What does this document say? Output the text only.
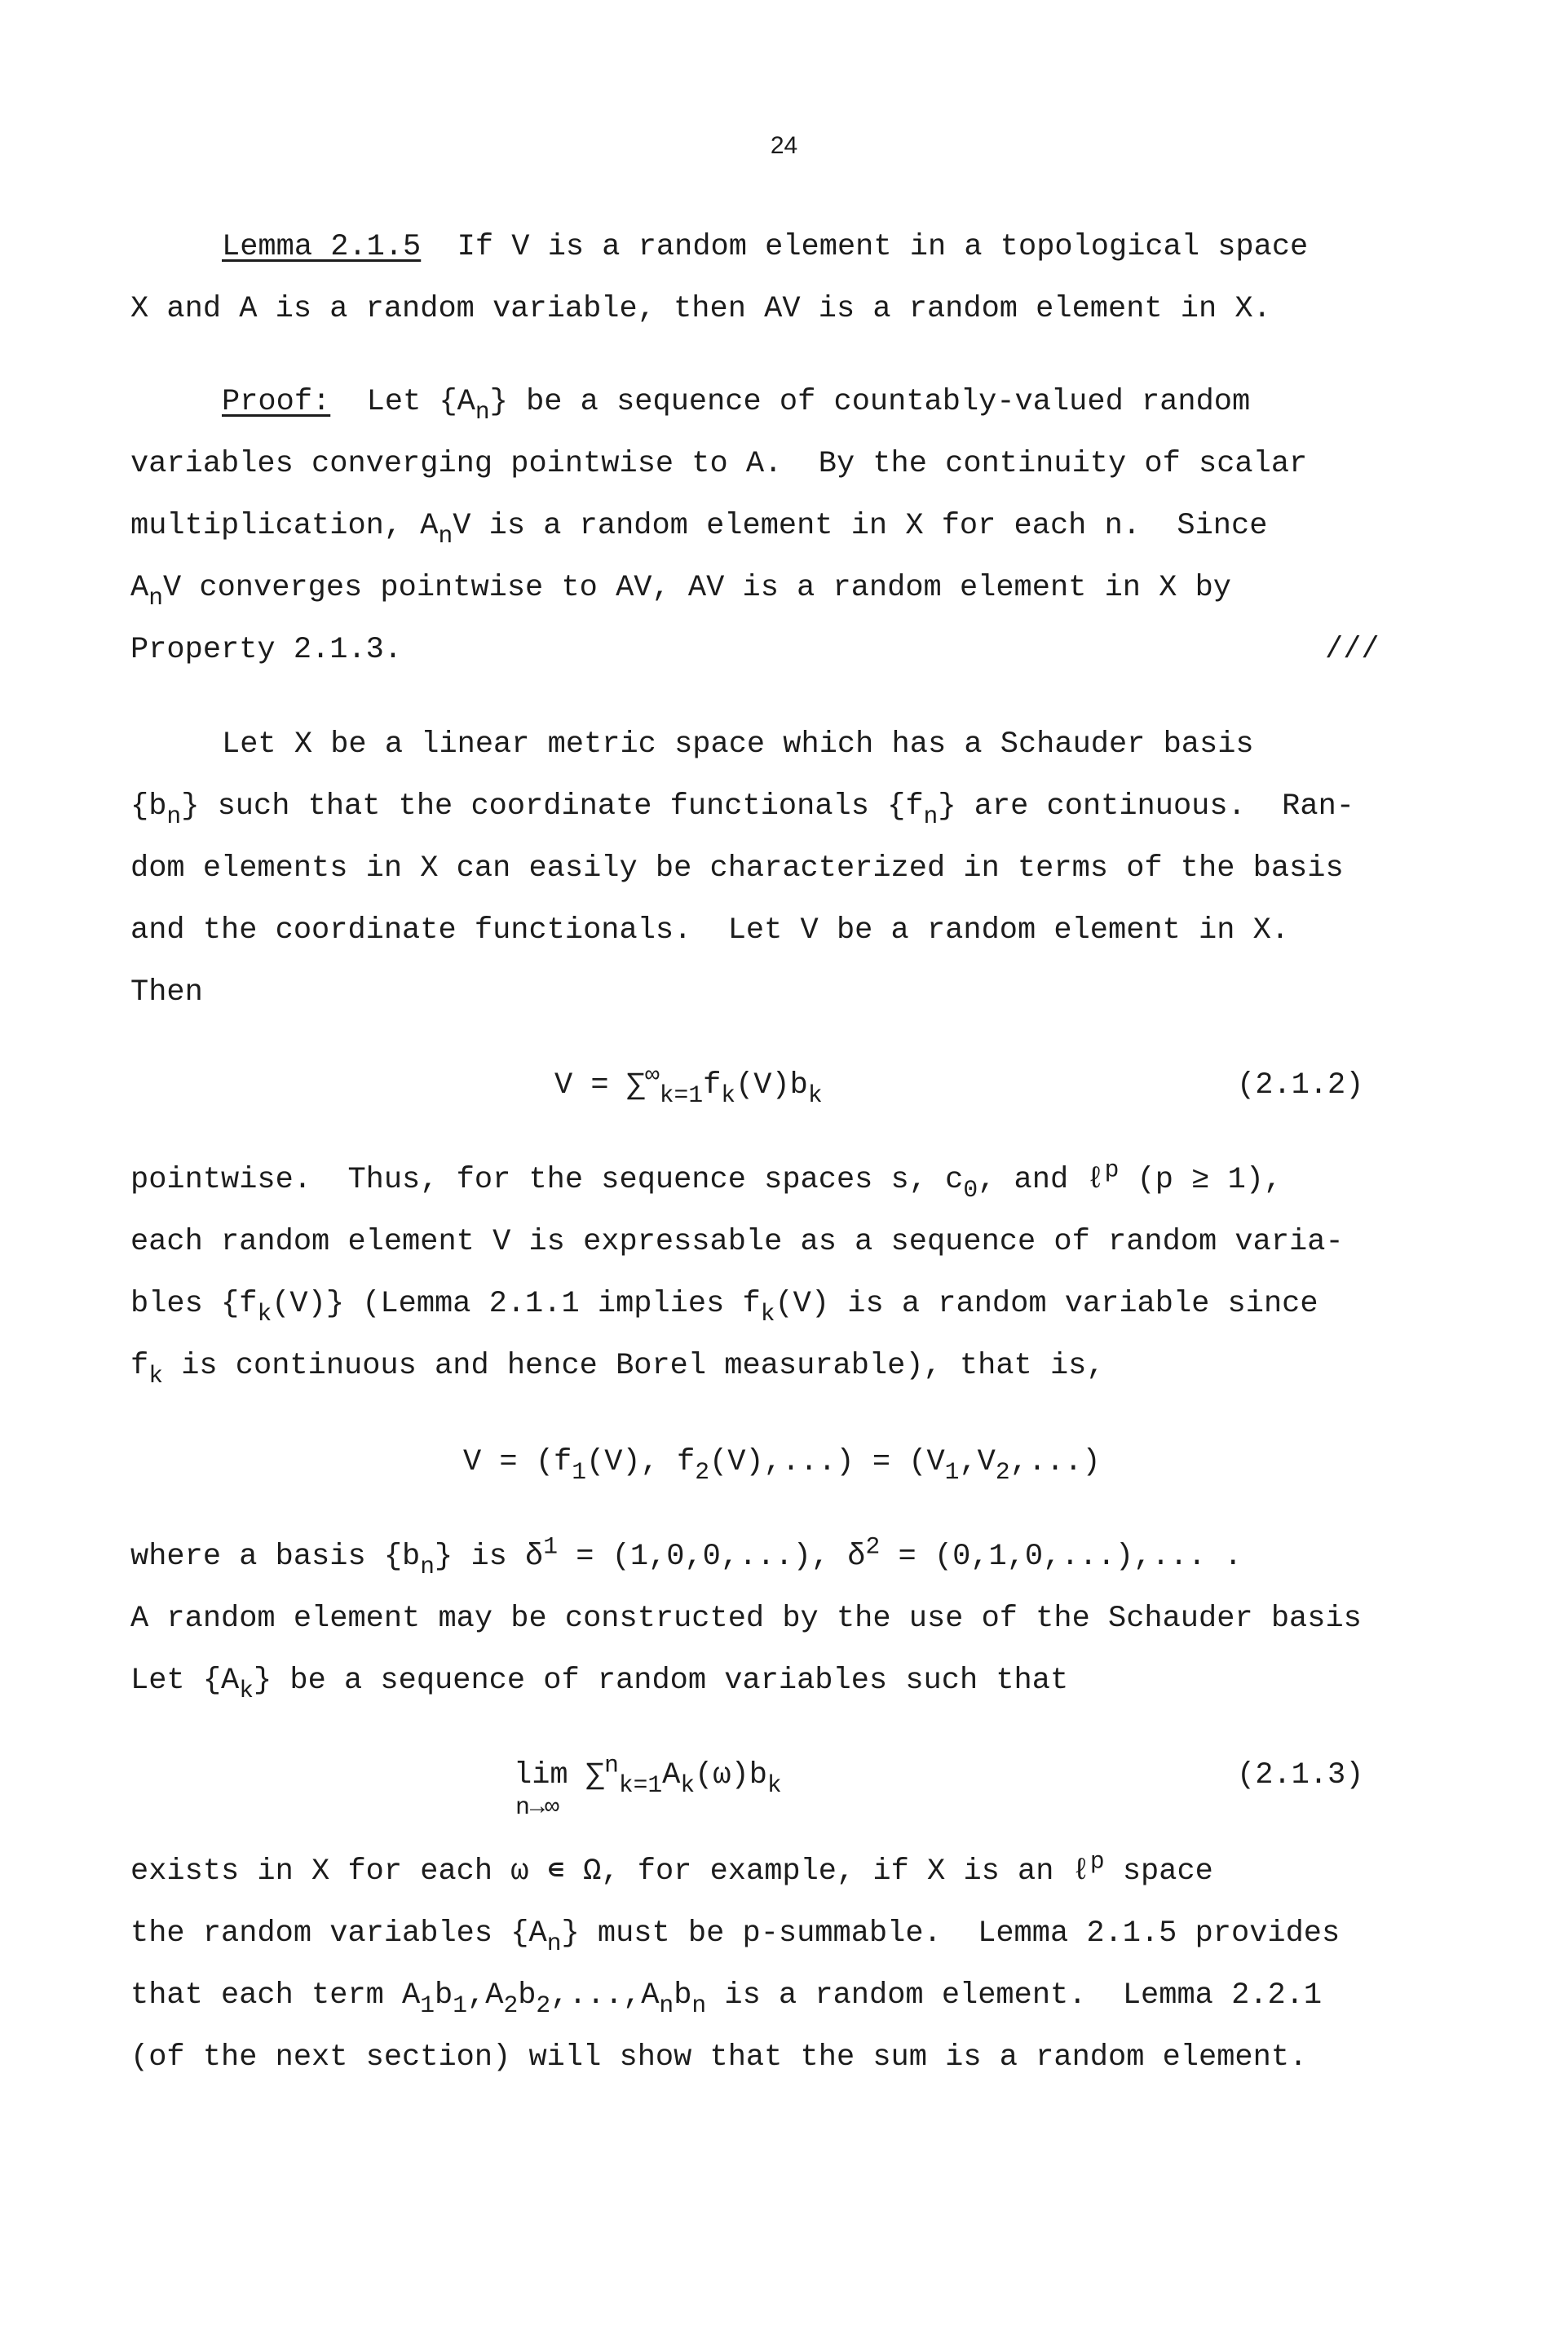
24

Lemma 2.1.5 If V is a random element in a topological space

X and A is a random variable, then AV is a random element in X.

Proof: Let $\{A_n\}$ be a sequence of countably-valued random

variables converging pointwise to A.  By the continuity of scalar

multiplication, $A_nV$ is a random element in X for each n.  Since

$A_nV$ converges pointwise to AV, AV is a random element in X by

Property 2.1.3.	///

Let X be a linear metric space which has a Schauder basis

$\{b_n\}$ such that the coordinate functionals $\{f_n\}$ are continuous.  Ran-

dom elements in X can easily be characterized in terms of the basis

and the coordinate functionals.  Let V be a random element in X.

Then

$V = \sum^\infty_{k=1}f_k(V)b_k$	(2.1.2)

pointwise.  Thus, for the sequence spaces s, $c_0$, and ℓ$^p$ (p ≥ 1),

each random element V is expressable as a sequence of random varia-

bles $\{f_k(V)\}$ (Lemma 2.1.1 implies $f_k(V)$ is a random variable since

$f_k$ is continuous and hence Borel measurable), that is,

$V = (f_1(V)$, $f_2(V),...) = (V_1,V_2,...)$

where a basis $\{b_n\}$ is $\delta^1 = (1,0,0,...)$, $\delta^2 = (0,1,0,...)$,... .

A random element may be constructed by the use of the Schauder basis

Let $\{A_k\}$ be a sequence of random variables such that

$\lim \sum^n_{k=1}A_k(\omega)b_k$

n→∞

(2.1.3)

exists in X for each ω ∊ Ω, for example, if X is an ℓ$^p$ space

the random variables $\{A_n\}$ must be p-summable.  Lemma 2.1.5 provides

that each term $A_1b_1,A_2b_2,...,A_nb_n$ is a random element.  Lemma 2.2.1

(of the next section) will show that the sum is a random element.
